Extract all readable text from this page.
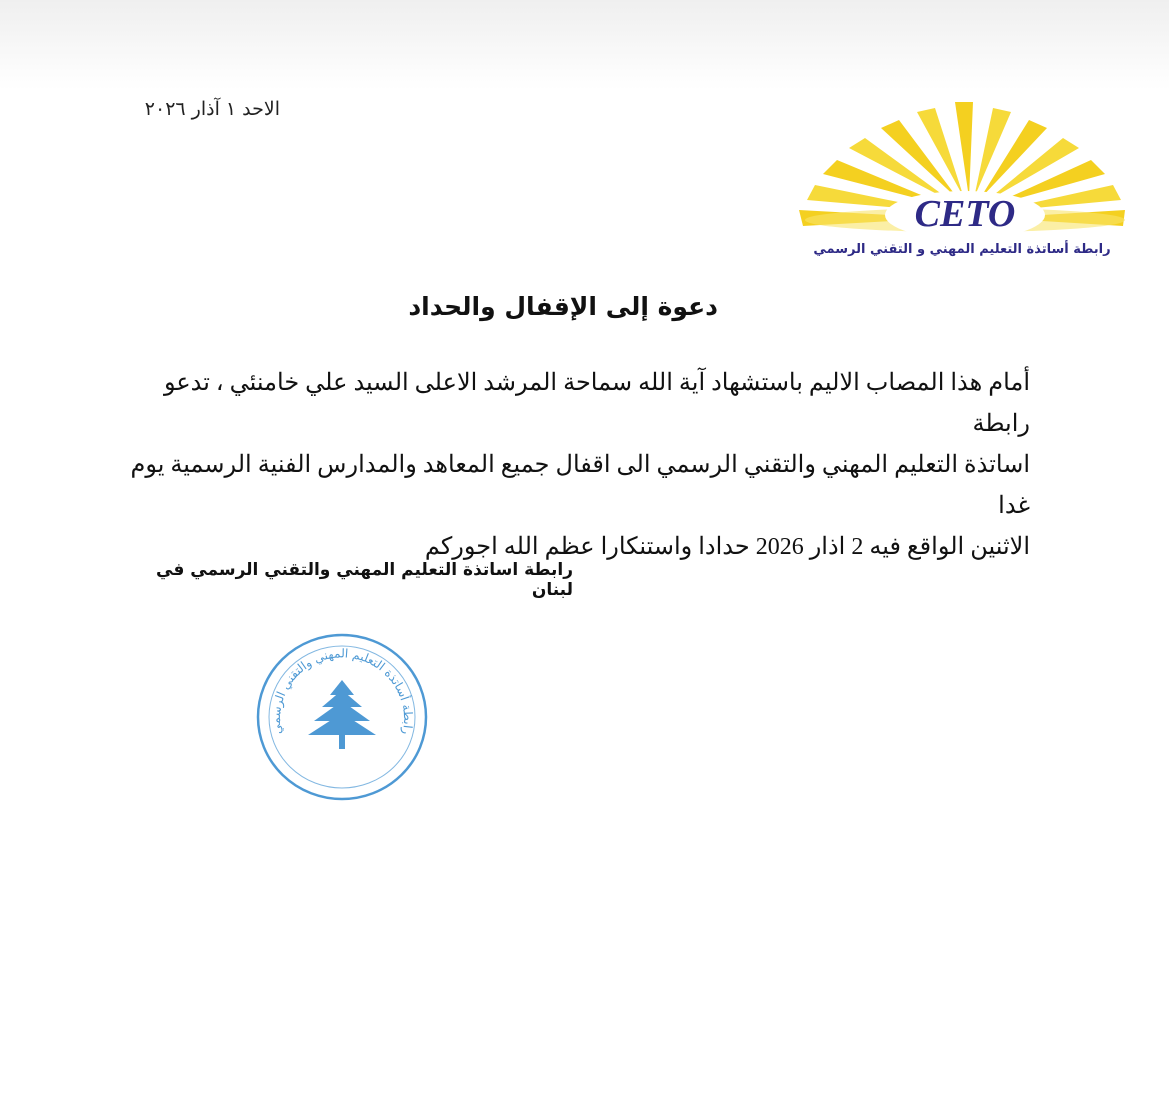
الاحد ١ آذار ٢٠٢٦
CETO
رابطة أساتذة التعليم المهني و التقني الرسمي
دعوة إلى الإقفال والحداد
أمام هذا المصاب الاليم باستشهاد آية الله سماحة المرشد الاعلى السيد علي خامنئي ، تدعو رابطة
اساتذة التعليم المهني والتقني الرسمي الى اقفال جميع المعاهد والمدارس الفنية الرسمية يوم غدا
الاثنين الواقع فيه 2 اذار 2026 حدادا واستنكارا عظم الله اجوركم
رابطة اساتذة التعليم المهني والتقني الرسمي في لبنان
رابطة أساتذة التعليم المهني والتقني الرسمي
